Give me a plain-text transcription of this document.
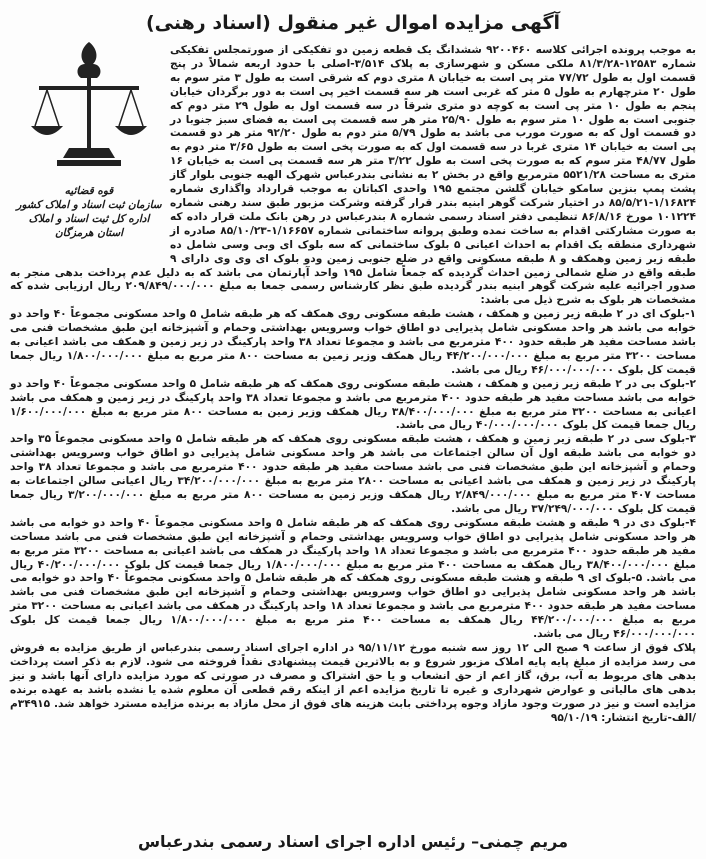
آگهی مزایده اموال غیر منقول (اسناد رهنی)
قوه قضائیه
سازمان ثبت اسناد و املاک کشور
اداره کل ثبت اسناد و املاک استان هرمزگان

به موجب پرونده اجرائی کلاسه ۹۲۰۰۴۶۰ ششدانگ یک قطعه زمین دو تفکیکی از صورتمجلس تفکیکی شماره ۱۲۵۸۳-۸۱/۳/۲۸ ملکی مسکن و شهرسازی به پلاک ۳/۵۱۴-اصلی با حدود اربعه شمالاً در پنج قسمت اول به طول ۷۷/۷۲ متر پی است به خیابان ۸ متری دوم که شرقی است به طول ۳ متر سوم به طول ۲۰ مترچهارم به طول ۵ متر که غربی است هر سه قسمت اخیر پی است به دور برگردان خیابان پنجم به طول ۱۰ متر پی است به کوچه دو متری شرقاً در سه قسمت اول به طول ۲۹ متر دوم که جنوبی است به طول ۱۰ متر سوم به طول ۲۵/۹۰ متر هر سه قسمت پی است به فضای سبز جنوبا در دو قسمت اول که به صورت مورب می باشد به طول ۵/۷۹ متر دوم به طول ۹۲/۲۰ متر هر دو قسمت پی است به خیابان ۱۴ متری غربا در سه قسمت اول که به صورت پخی است به طول ۳/۶۵ متر دوم به طول ۴۸/۷۷ متر سوم که به صورت پخی است به طول ۳/۲۲ متر هر سه قسمت پی است به خیابان ۱۶ متری به مساحت ۵۵۲۱/۲۸ مترمربع واقع در بخش ۲ به نشانی بندرعباس شهرک الهیه جنوبی بلوار گاز پشت پمپ بنزین سامکو خیابان گلشن مجتمع ۱۹۵ واحدی اکباتان به موجب قرارداد واگذاری شماره ۱/۱۶۸۲۴-۸۵/۵/۲۱ در اختیار شرکت گوهر ابنیه بندر قرار گرفته وشرکت مزبور طبق سند رهنی شماره ۱۰۱۲۲۴ مورخ ۸۶/۸/۱۶ تنظیمی دفتر اسناد رسمی شماره ۸ بندرعباس در رهن بانک ملت قرار داده که به صورت مشارکتی اقدام به ساخت نمده وطبق پروانه ساختمانی شماره ۱/۱۶۶۵۷-۸۵/۱۰/۲۳ صادره از شهرداری منطقه یک اقدام به احداث اعیانی ۵ بلوک ساختمانی که سه بلوک ای وبی وسی شامل ده طبقه زیر زمین وهمکف و ۸ طبقه مسکونی واقع در ضلع جنوبی زمین ودو بلوک ای وی وی دارای ۹ طبقه واقع در ضلع شمالی زمین احداث گردیده که جمعاً شامل ۱۹۵ واحد آپارتمان می باشد که به دلیل عدم پرداخت بدهی منجر به صدور اجرائیه علیه شرکت گوهر ابنیه بندر گردیده طبق نظر کارشناس رسمی جمعا به مبلغ ۲۰۹/۸۴۹/۰۰۰/۰۰۰ ریال ارزیابی شده که مشخصات هر بلوک به شرح ذیل می باشد:

۱-بلوک ای در ۲ طبقه زیر زمین و همکف ، هشت طبقه مسکونی روی همکف که هر طبقه شامل ۵ واحد مسکونی مجموعاً ۴۰ واحد دو خوابه می باشد هر واحد مسکونی شامل پذیرایی دو اطاق خواب وسرویس بهداشتی وحمام و آشپزخانه این طبق مشخصات فنی می باشد مساحت مفید هر طبقه حدود ۴۰۰ مترمربع می باشد و مجموعا تعداد ۳۸ واحد پارکینگ در زیر زمین و همکف می باشد اعیانی به مساحت ۳۲۰۰ متر مربع به مبلغ ۴۴/۲۰۰/۰۰۰/۰۰۰ ریال همکف وزیر زمین به مساحت ۸۰۰ متر مربع به مبلغ ۱/۸۰۰/۰۰۰/۰۰۰ ریال جمعا قیمت کل بلوک ۴۶/۰۰۰/۰۰۰/۰۰۰ ریال می باشد.

۲-بلوک بی در ۲ طبقه زیر زمین و همکف ، هشت طبقه مسکونی روی همکف که هر طبقه شامل ۵ واحد مسکونی مجموعاً ۴۰ واحد دو خوابه می باشد مساحت مفید هر طبقه حدود ۴۰۰ مترمربع می باشد و مجموعا تعداد ۳۸ واحد پارکینگ در زیر زمین و همکف می باشد اعیانی به مساحت ۳۲۰۰ متر مربع به مبلغ ۳۸/۴۰۰/۰۰۰/۰۰۰ ریال همکف وزیر زمین به مساحت ۸۰۰ متر مربع به مبلغ ۱/۶۰۰/۰۰۰/۰۰۰ ریال جمعا قیمت کل بلوک ۴۰/۰۰۰/۰۰۰/۰۰۰ ریال می باشد.

۳-بلوک سی در ۲ طبقه زیر زمین و همکف ، هشت طبقه مسکونی روی همکف که هر طبقه شامل ۵ واحد مسکونی مجموعاً ۳۵ واحد دو خوابه می باشد طبقه اول آن سالن اجتماعات می باشد هر واحد مسکونی شامل پذیرایی دو اطاق خواب وسرویس بهداشتی وحمام و آشپزخانه این طبق مشخصات فنی می باشد مساحت مفید هر طبقه حدود ۴۰۰ مترمربع می باشد و مجموعا تعداد ۳۸ واحد پارکینگ در زیر زمین و همکف می باشد اعیانی به مساحت ۲۸۰۰ متر مربع به مبلغ ۳۴/۲۰۰/۰۰۰/۰۰۰ ریال اعیانی سالن اجتماعات به مساحت ۴۰۷ متر مربع به مبلغ ۲/۸۴۹/۰۰۰/۰۰۰ ریال همکف وزیر زمین به مساحت ۸۰۰ متر مربع به مبلغ ۳/۲۰۰/۰۰۰/۰۰۰ ریال جمعا قیمت کل بلوک ۳۷/۲۴۹/۰۰۰/۰۰۰ ریال می باشد.

۴-بلوک دی در ۹ طبقه و هشت طبقه مسکونی روی همکف که هر طبقه شامل ۵ واحد مسکونی مجموعاً ۴۰ واحد دو خوابه می باشد هر واحد مسکونی شامل پذیرایی دو اطاق خواب وسرویس بهداشتی وحمام و آشپزخانه این طبق مشخصات فنی می باشد مساحت مفید هر طبقه حدود ۴۰۰ مترمربع می باشد و مجموعا تعداد ۱۸ واحد پارکینگ در همکف می باشد اعیانی به مساحت ۳۲۰۰ متر مربع به مبلغ ۳۸/۴۰۰/۰۰۰/۰۰۰ ریال همکف به مساحت ۴۰۰ متر مربع به مبلغ ۱/۸۰۰/۰۰۰/۰۰۰ ریال جمعا قیمت کل بلوک ۴۰/۲۰۰/۰۰۰/۰۰۰ ریال می باشد. ۵-بلوک ای ۹ طبقه و هشت طبقه مسکونی روی همکف که هر طبقه شامل ۵ واحد مسکونی مجموعاً ۴۰ واحد دو خوابه می باشد هر واحد مسکونی شامل پذیرایی دو اطاق خواب وسرویس بهداشتی وحمام و آشپزخانه این طبق مشخصات فنی می باشد مساحت مفید هر طبقه حدود ۴۰۰ مترمربع می باشد و مجموعا تعداد ۱۸ واحد پارکینگ در همکف می باشد اعیانی به مساحت ۳۲۰۰ متر مربع به مبلغ ۴۴/۲۰۰/۰۰۰/۰۰۰ ریال همکف به مساحت ۴۰۰ متر مربع به مبلغ ۱/۸۰۰/۰۰۰/۰۰۰ ریال جمعا قیمت کل بلوک ۴۶/۰۰۰/۰۰۰/۰۰۰ ریال می باشد.

پلاک فوق از ساعت ۹ صبح الی ۱۲ روز سه شنبه مورخ ۹۵/۱۱/۱۲ در اداره اجرای اسناد رسمی بندرعباس از طریق مزایده به فروش می رسد مزایده از مبلغ پایه پایه املاک مزبور شروع و به بالاترین قیمت پیشنهادی نقداً فروخته می شود. لازم به ذکر است پرداخت بدهی های مربوط به آب، برق، گاز اعم از حق انشعاب و یا حق اشتراک و مصرف در صورتی که مورد مزایده دارای آنها باشد و نیز بدهی های مالیاتی و عوارض شهرداری و غیره تا تاریخ مزایده اعم از اینکه رقم قطعی آن معلوم شده یا نشده باشد به عهده برنده مزایده است و نیز در صورت وجود مازاد وجوه پرداختی بابت هزینه های فوق از محل مازاد به برنده مزایده مسترد خواهد شد. ۳۴۹۱۵م /الف-تاریخ انتشار: ۹۵/۱۰/۱۹

مریم چمنی– رئیس اداره اجرای اسناد رسمی بندرعباس
